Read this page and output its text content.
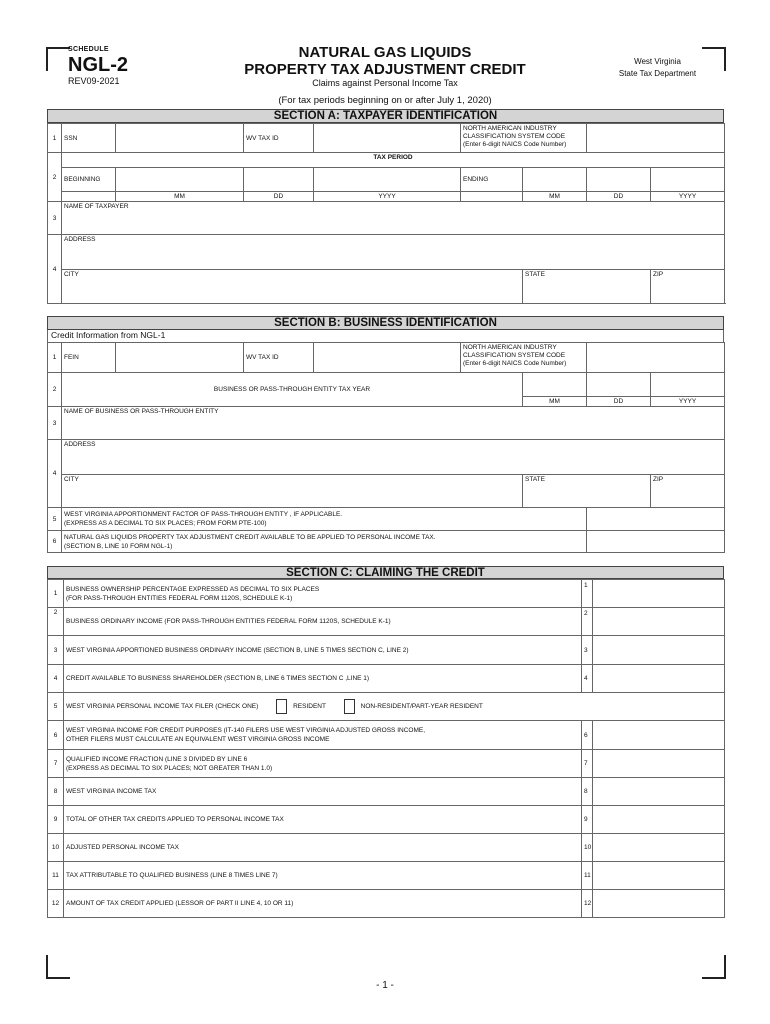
SCHEDULE
NGL-2
REV09-2021
NATURAL GAS LIQUIDS
PROPERTY TAX ADJUSTMENT CREDIT
Claims against Personal Income Tax
West Virginia
State Tax Department
(For tax periods beginning on or after July 1, 2020)
SECTION A: TAXPAYER IDENTIFICATION
1	SSN		WV TAX ID		NORTH AMERICAN INDUSTRY CLASSIFICATION SYSTEM CODE (Enter 6-digit NAICS Code Number)			
2	TAX PERIOD							
	BEGINNING				ENDING			
		MM	DD	YYYY		MM	DD	YYYY
3	NAME OF TAXPAYER							
4	ADDRESS							
	CITY					STATE		ZIP
SECTION B: BUSINESS IDENTIFICATION
Credit Information from NGL-1
1	FEIN		WV TAX ID		NORTH AMERICAN INDUSTRY CLASSIFICATION SYSTEM CODE (Enter 6-digit NAICS Code Number)			
2	BUSINESS OR PASS-THROUGH ENTITY TAX YEAR							
						MM	DD	YYYY
3	NAME OF BUSINESS OR PASS-THROUGH ENTITY							
4	ADDRESS							
	CITY					STATE		ZIP
5	WEST VIRGINIA APPORTIONMENT FACTOR OF PASS-THROUGH ENTITY , IF APPLICABLE.
(EXPRESS AS A DECIMAL TO SIX PLACES; FROM FORM PTE-100)							

6	NATURAL GAS LIQUIDS PROPERTY TAX ADJUSTMENT CREDIT AVAILABLE TO BE APPLIED TO PERSONAL INCOME TAX.
(SECTION B, LINE 10 FORM NGL-1)							

SECTION C: CLAIMING THE CREDIT
1	BUSINESS OWNERSHIP PERCENTAGE EXPRESSED AS DECIMAL TO SIX PLACES
(FOR PASS-THROUGH ENTITIES FEDERAL FORM 1120S, SCHEDULE K-1)	1	
2	BUSINESS ORDINARY INCOME (FOR PASS-THROUGH ENTITIES FEDERAL FORM 1120S, SCHEDULE K-1)	2	
3	WEST VIRGINIA APPORTIONED BUSINESS ORDINARY INCOME (SECTION B, LINE 5 TIMES SECTION C, LINE 2)	3	
4	CREDIT AVAILABLE TO BUSINESS SHAREHOLDER (SECTION B, LINE 6 TIMES SECTION C ,LINE 1)	4	
5	WEST VIRGINIA PERSONAL INCOME TAX FILER (CHECK ONE) RESIDENT NON-RESIDENT/PART-YEAR RESIDENT		
6	WEST VIRGINIA INCOME FOR CREDIT PURPOSES (IT-140 FILERS USE WEST VIRGINIA ADJUSTED GROSS INCOME,
OTHER FILERS MUST CALCULATE AN EQUIVALENT WEST VIRGINIA GROSS INCOME	6	
7	QUALIFIED INCOME FRACTION (LINE 3 DIVIDED BY LINE 6
(EXPRESS AS DECIMAL TO SIX PLACES; NOT GREATER THAN 1.0)	7	
8	WEST VIRGINIA INCOME TAX	8	
9	TOTAL OF OTHER TAX CREDITS APPLIED TO PERSONAL INCOME TAX	9	
10	ADJUSTED PERSONAL INCOME TAX	10	
11	TAX ATTRIBUTABLE TO QUALIFIED BUSINESS (LINE 8 TIMES LINE 7)	11	
12	AMOUNT OF TAX CREDIT APPLIED (LESSOR OF PART II LINE 4, 10 OR 11)	12	
- 1 -
